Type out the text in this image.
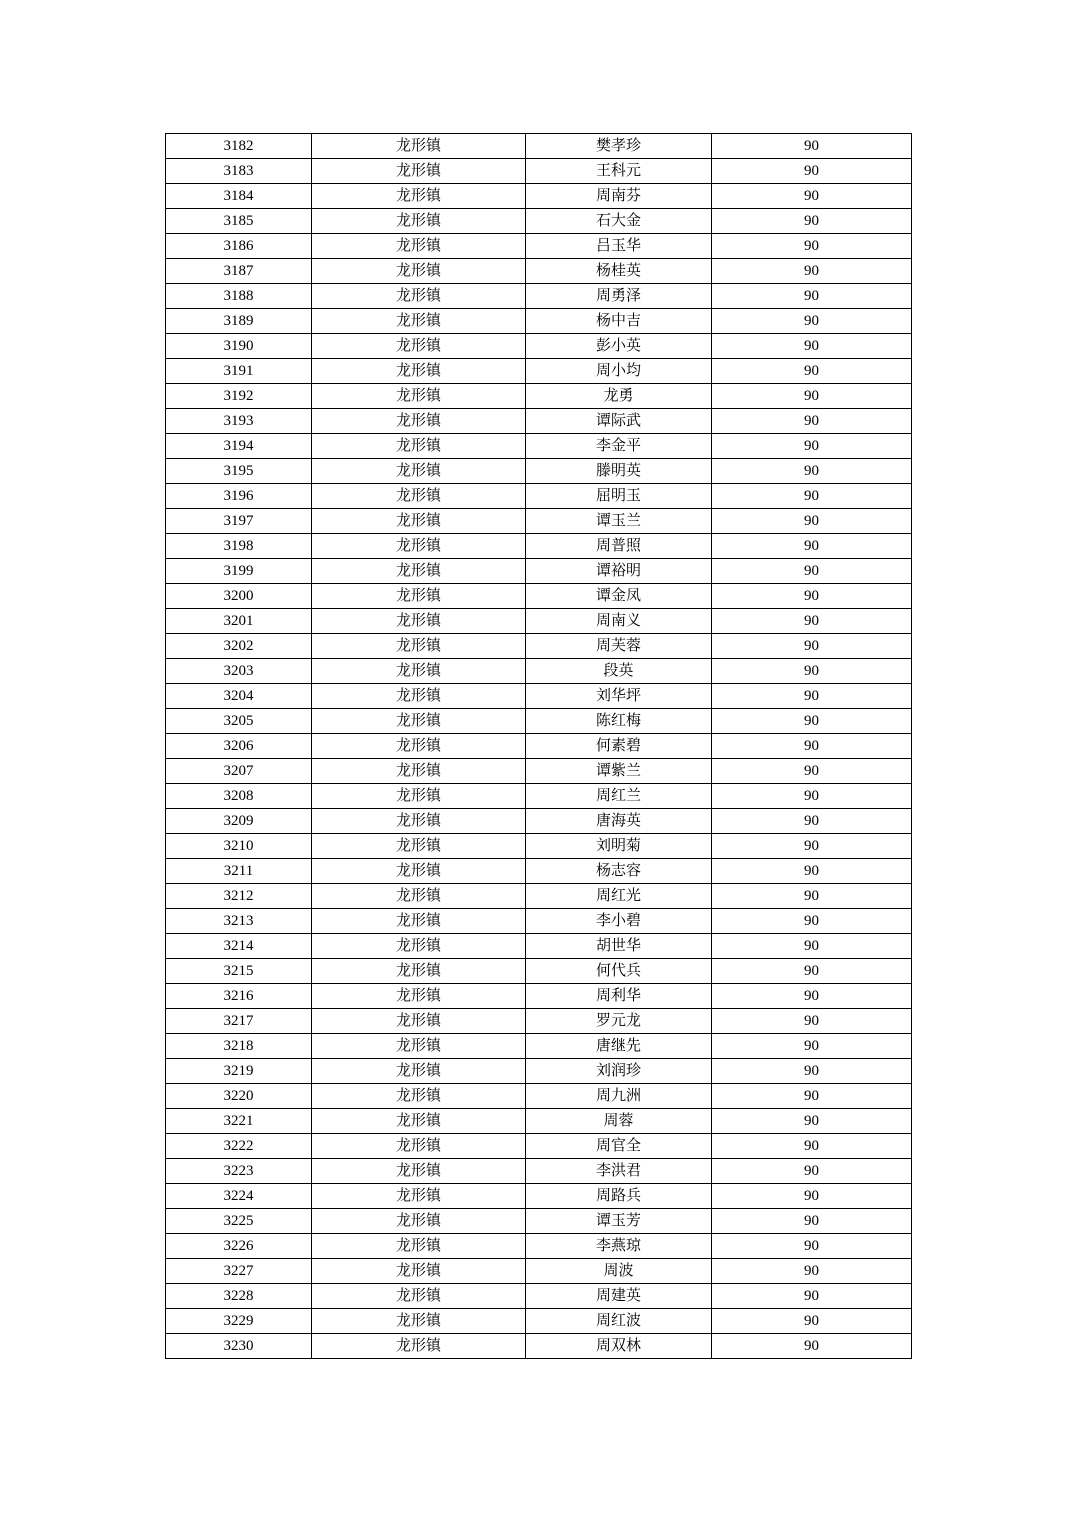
3182	龙形镇	樊孝珍	90
3183	龙形镇	王科元	90
3184	龙形镇	周南芬	90
3185	龙形镇	石大金	90
3186	龙形镇	吕玉华	90
3187	龙形镇	杨桂英	90
3188	龙形镇	周勇泽	90
3189	龙形镇	杨中吉	90
3190	龙形镇	彭小英	90
3191	龙形镇	周小均	90
3192	龙形镇	龙勇	90
3193	龙形镇	谭际武	90
3194	龙形镇	李金平	90
3195	龙形镇	滕明英	90
3196	龙形镇	屈明玉	90
3197	龙形镇	谭玉兰	90
3198	龙形镇	周普照	90
3199	龙形镇	谭裕明	90
3200	龙形镇	谭金凤	90
3201	龙形镇	周南义	90
3202	龙形镇	周芙蓉	90
3203	龙形镇	段英	90
3204	龙形镇	刘华坪	90
3205	龙形镇	陈红梅	90
3206	龙形镇	何素碧	90
3207	龙形镇	谭紫兰	90
3208	龙形镇	周红兰	90
3209	龙形镇	唐海英	90
3210	龙形镇	刘明菊	90
3211	龙形镇	杨志容	90
3212	龙形镇	周红光	90
3213	龙形镇	李小碧	90
3214	龙形镇	胡世华	90
3215	龙形镇	何代兵	90
3216	龙形镇	周利华	90
3217	龙形镇	罗元龙	90
3218	龙形镇	唐继先	90
3219	龙形镇	刘润珍	90
3220	龙形镇	周九洲	90
3221	龙形镇	周蓉	90
3222	龙形镇	周官全	90
3223	龙形镇	李洪君	90
3224	龙形镇	周路兵	90
3225	龙形镇	谭玉芳	90
3226	龙形镇	李燕琼	90
3227	龙形镇	周波	90
3228	龙形镇	周建英	90
3229	龙形镇	周红波	90
3230	龙形镇	周双林	90
